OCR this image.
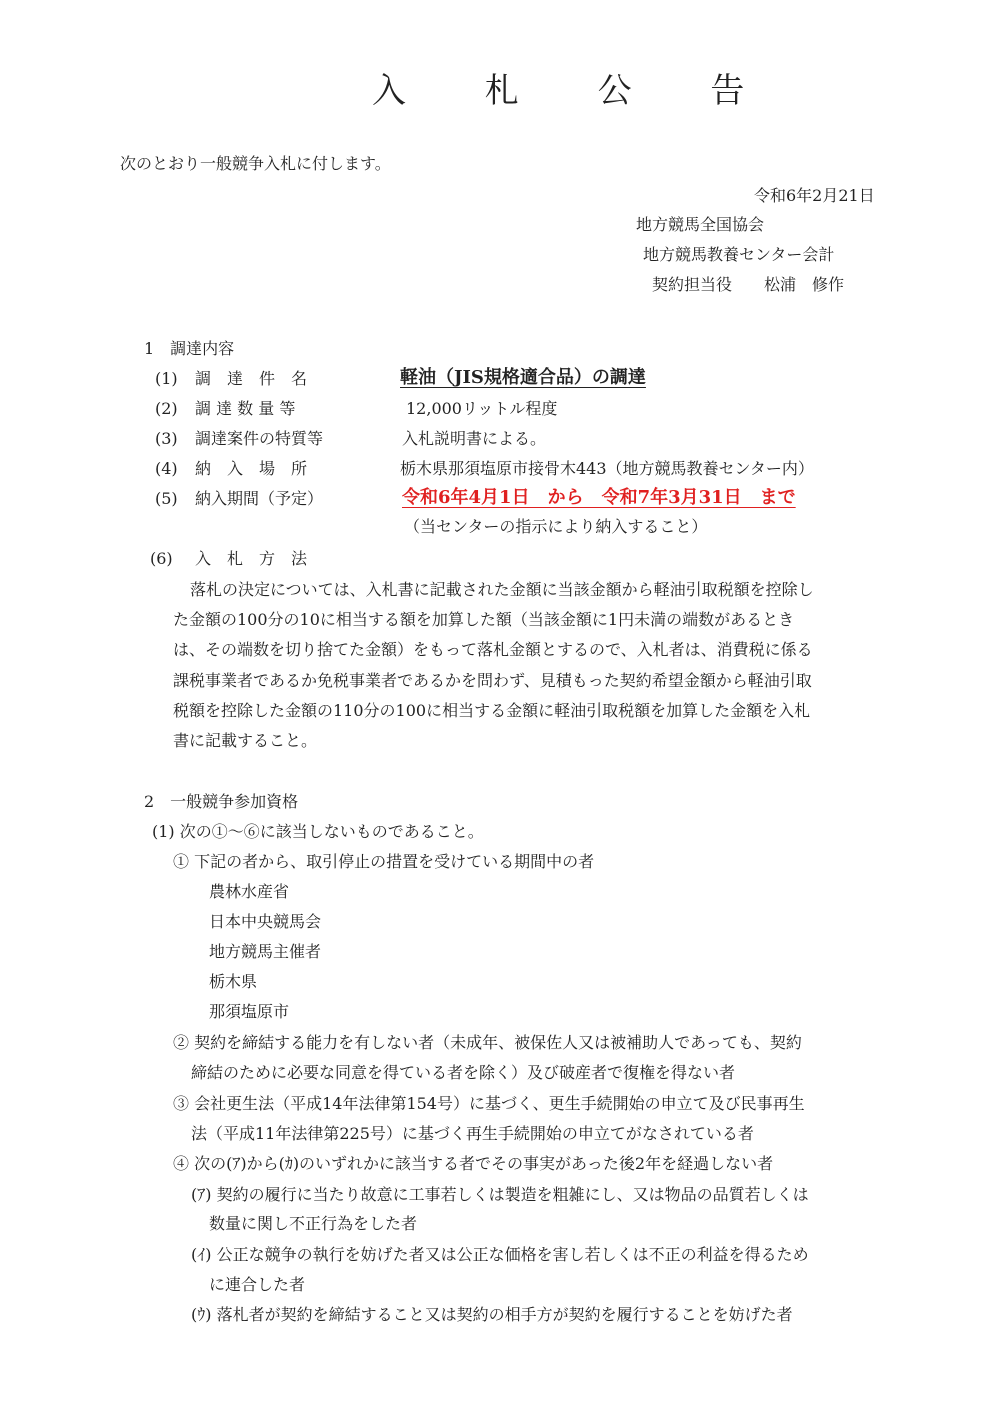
入 札 公 告
次のとおり一般競争入札に付します。
令和6年2月21日
地方競馬全国協会
地方競馬教養センター会計
契約担当役　　松浦　修作
1　調達内容
(1) 調　達　件　名	軽油（JIS規格適合品）の調達
(2) 調 達 数 量 等	12,000リットル程度
(3) 調達案件の特質等	入札説明書による。
(4) 納　入　場　所	栃木県那須塩原市接骨木443（地方競馬教養センター内）
(5) 納入期間（予定）	令和6年4月1日　から　令和7年3月31日　まで
（当センターの指示により納入すること）
(6) 入　札　方　法
落札の決定については、入札書に記載された金額に当該金額から軽油引取税額を控除し
た金額の100分の10に相当する額を加算した額（当該金額に1円未満の端数があるとき
は、その端数を切り捨てた金額）をもって落札金額とするので、入札者は、消費税に係る
課税事業者であるか免税事業者であるかを問わず、見積もった契約希望金額から軽油引取
税額を控除した金額の110分の100に相当する金額に軽油引取税額を加算した金額を入札
書に記載すること。
2　一般競争参加資格
(1) 次の①～⑥に該当しないものであること。
① 下記の者から、取引停止の措置を受けている期間中の者
農林水産省
日本中央競馬会
地方競馬主催者
栃木県
那須塩原市
② 契約を締結する能力を有しない者（未成年、被保佐人又は被補助人であっても、契約
締結のために必要な同意を得ている者を除く）及び破産者で復権を得ない者
③ 会社更生法（平成14年法律第154号）に基づく、更生手続開始の申立て及び民事再生
法（平成11年法律第225号）に基づく再生手続開始の申立てがなされている者
④ 次の(ｱ)から(ｶ)のいずれかに該当する者でその事実があった後2年を経過しない者
(ｱ) 契約の履行に当たり故意に工事若しくは製造を粗雑にし、又は物品の品質若しくは
数量に関し不正行為をした者
(ｲ) 公正な競争の執行を妨げた者又は公正な価格を害し若しくは不正の利益を得るため
に連合した者
(ｳ) 落札者が契約を締結すること又は契約の相手方が契約を履行することを妨げた者
